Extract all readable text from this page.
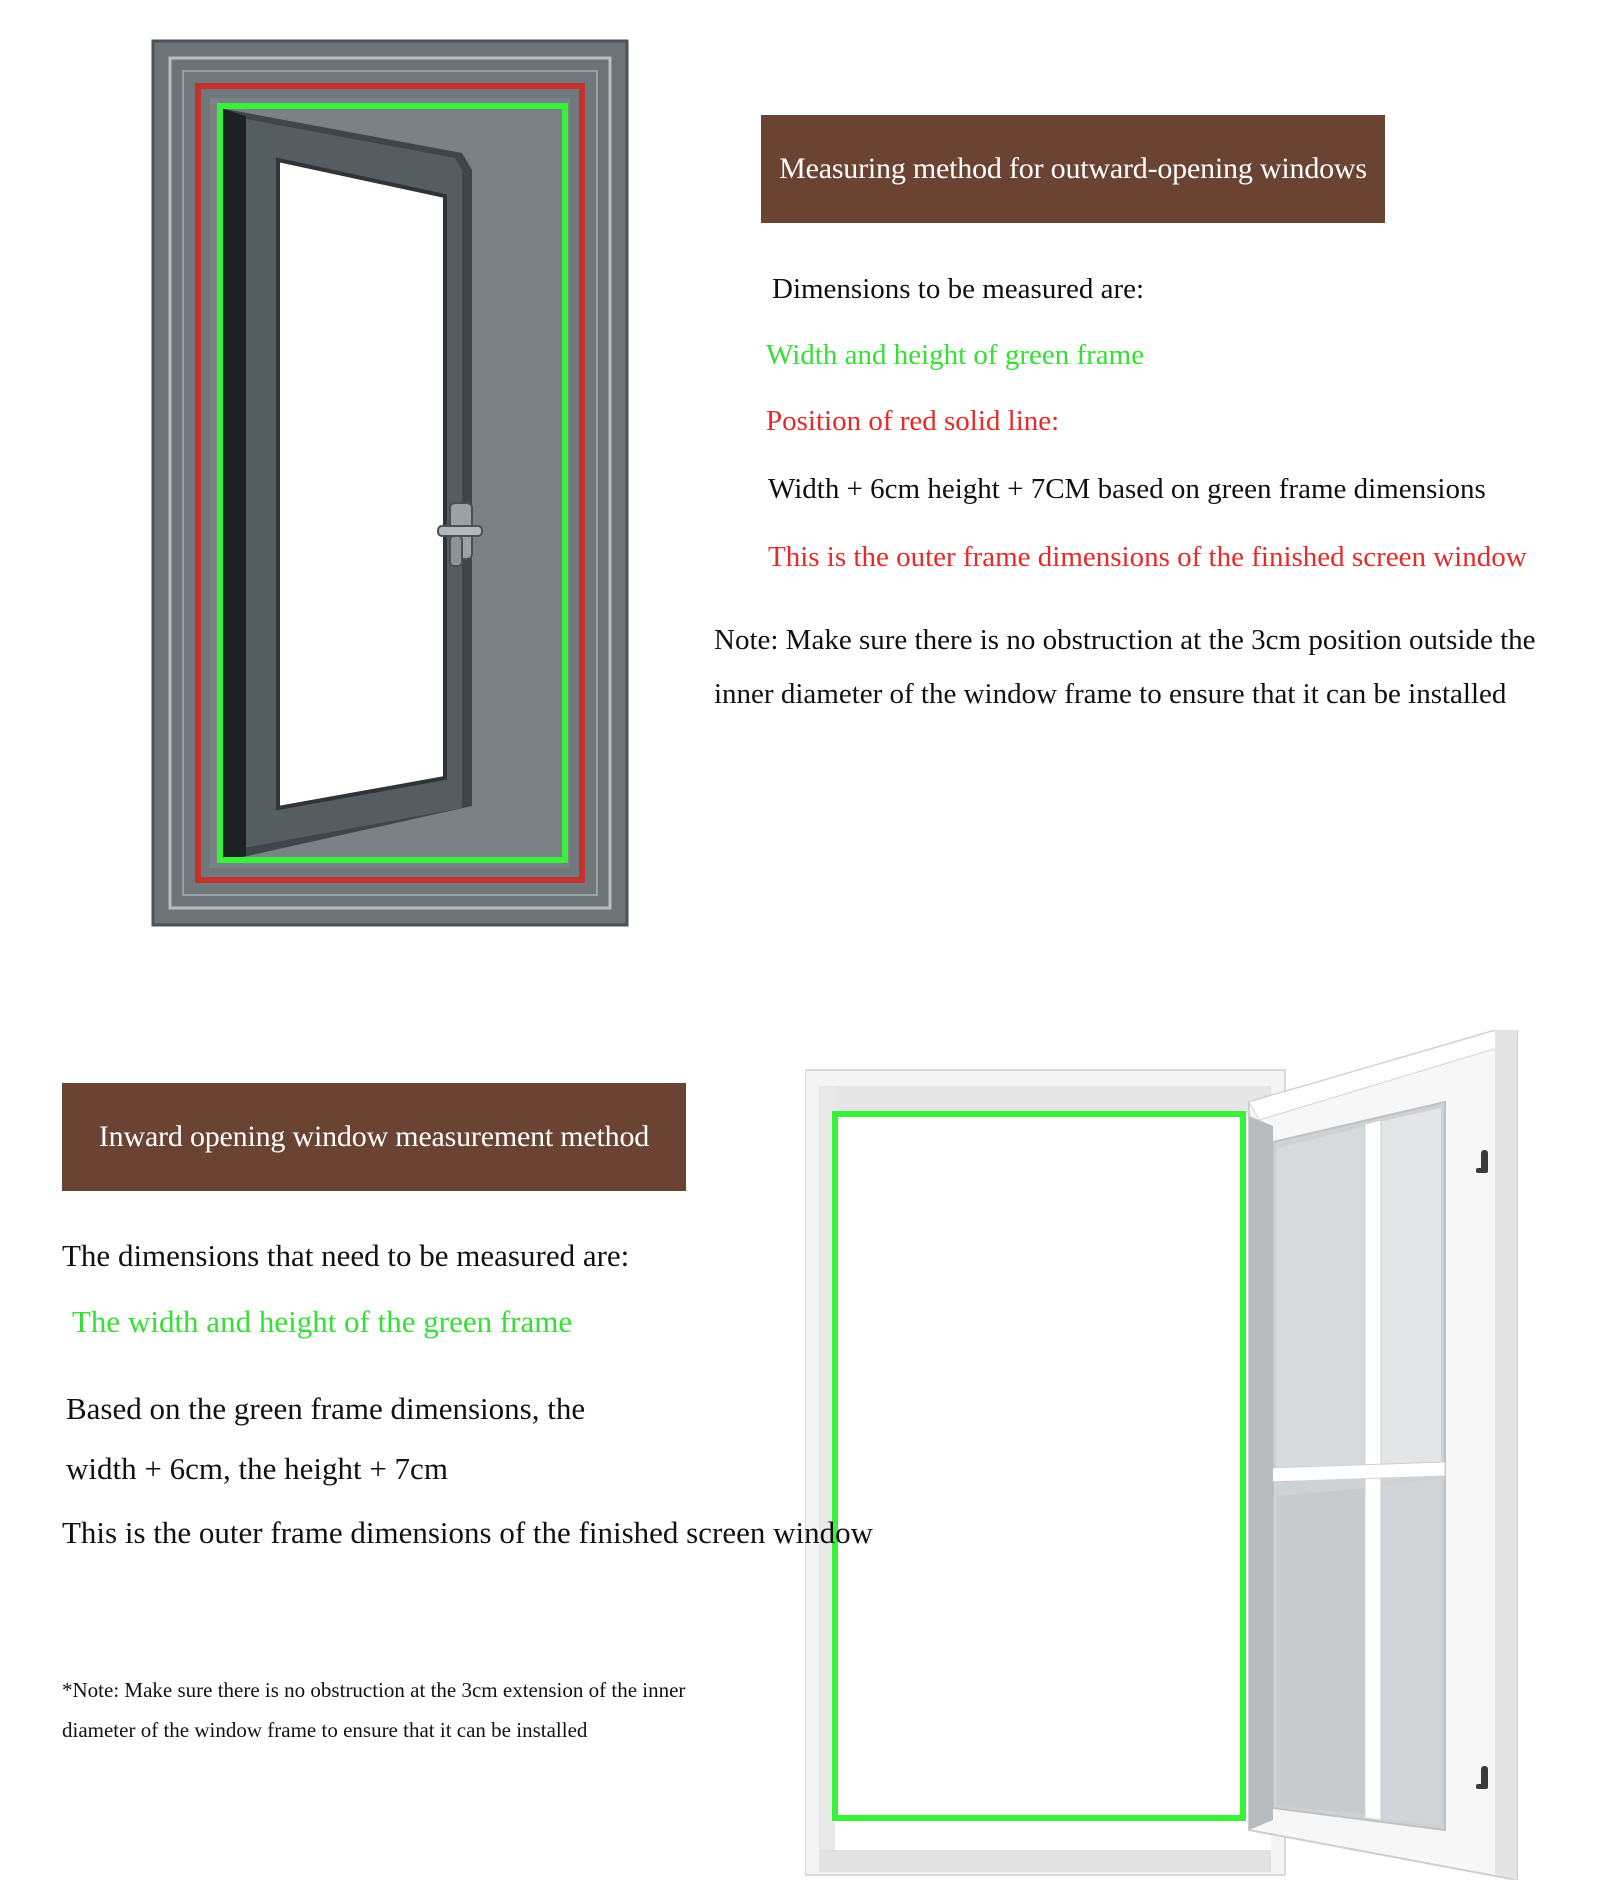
Measuring method for outward-opening windows
Dimensions to be measured are:
Width and height of green frame
Position of red solid line:
Width + 6cm height + 7CM based on green frame dimensions
This is the outer frame dimensions of the finished screen window
Note: Make sure there is no obstruction at the 3cm position outside the
inner diameter of the window frame to ensure that it can be installed
Inward opening window measurement method
The dimensions that need to be measured are:
The width and height of the green frame
Based on the green frame dimensions, the
width + 6cm, the height + 7cm
This is the outer frame dimensions of the finished screen window
*Note: Make sure there is no obstruction at the 3cm extension of the inner
diameter of the window frame to ensure that it can be installed
